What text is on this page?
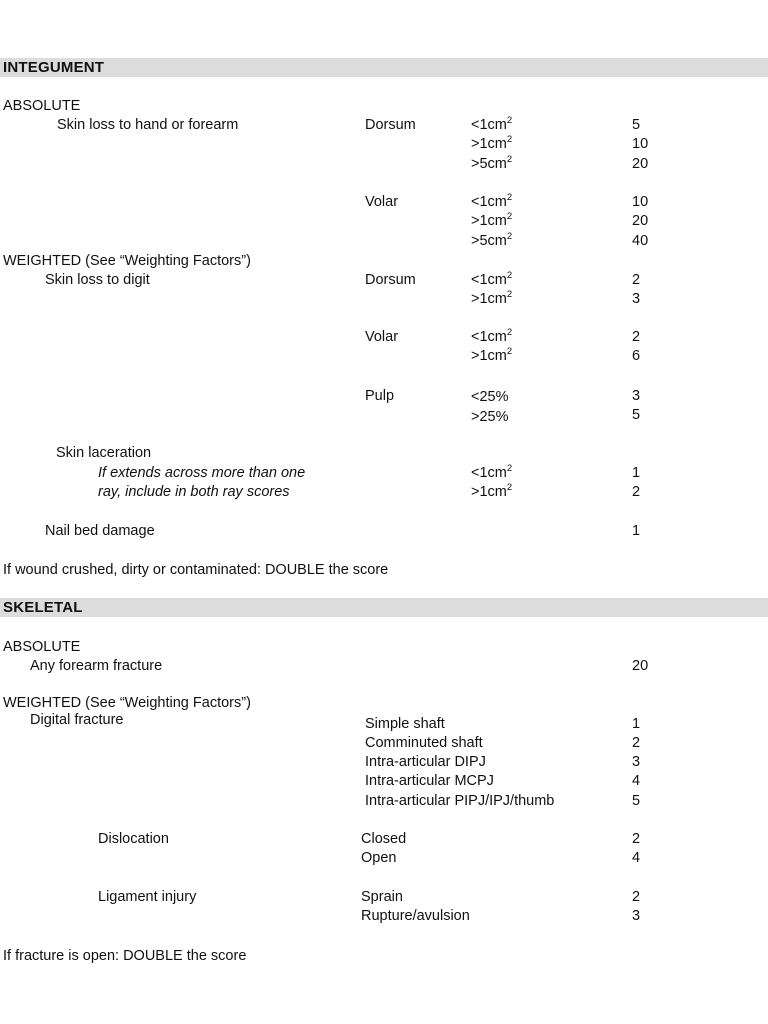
INTEGUMENT
ABSOLUTE
Skin loss to hand or forearm	Dorsum	$<1cm^2$	5
$>1cm^2$	10
$>5cm^2$	20
Volar	$<1cm^2$	10
$>1cm^2$	20
$>5cm^2$	40
WEIGHTED (See “Weighting Factors”)
Skin loss to digit	Dorsum	$<1cm^2$	2
$>1cm^2$	3
Volar	$<1cm^2$	2
$>1cm^2$	6
Pulp	<25%	3
>25%	5
Skin laceration
If extends across more than one
ray, include in both ray scores
$<1cm^2$	1
$>1cm^2$	2
Nail bed damage	1
If wound crushed, dirty or contaminated: DOUBLE the score
SKELETAL
ABSOLUTE
Any forearm fracture	20
WEIGHTED (See “Weighting Factors”)
Digital fracture	Simple shaft	1
Comminuted shaft	2
Intra-articular DIPJ	3
Intra-articular MCPJ	4
Intra-articular PIPJ/IPJ/thumb	5
Dislocation	Closed	2
Open	4
Ligament injury	Sprain	2
Rupture/avulsion	3
If fracture is open: DOUBLE the score
